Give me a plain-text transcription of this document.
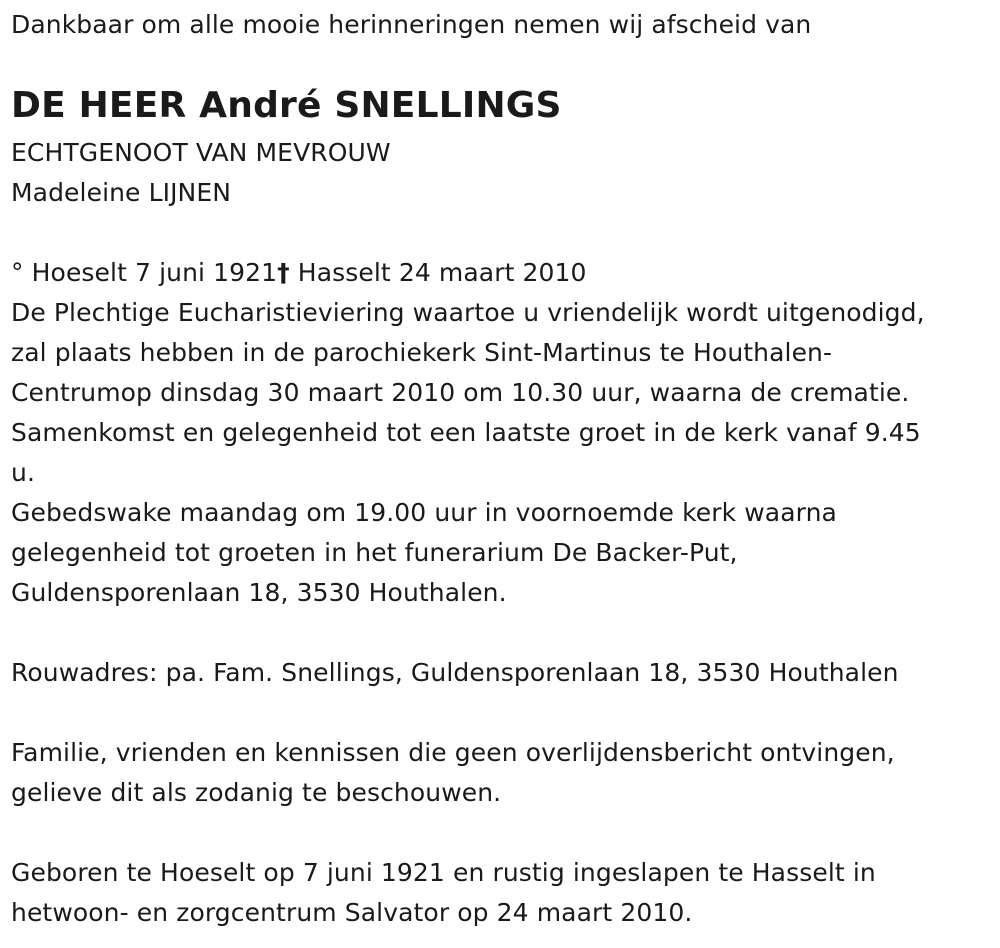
Dankbaar om alle mooie herinneringen nemen wij afscheid van
DE HEER André SNELLINGS
ECHTGENOOT VAN MEVROUW
Madeleine LIJNEN
° Hoeselt 7 juni 1921† Hasselt 24 maart 2010
De Plechtige Eucharistieviering waartoe u vriendelijk wordt uitgenodigd,
zal plaats hebben in de parochiekerk Sint-Martinus te Houthalen-
Centrumop dinsdag 30 maart 2010 om 10.30 uur, waarna de crematie.
Samenkomst en gelegenheid tot een laatste groet in de kerk vanaf 9.45
u.
Gebedswake maandag om 19.00 uur in voornoemde kerk waarna
gelegenheid tot groeten in het funerarium De Backer-Put,
Guldensporenlaan 18, 3530 Houthalen.
Rouwadres: pa. Fam. Snellings, Guldensporenlaan 18, 3530 Houthalen
Familie, vrienden en kennissen die geen overlijdensbericht ontvingen,
gelieve dit als zodanig te beschouwen.
Geboren te Hoeselt op 7 juni 1921 en rustig ingeslapen te Hasselt in
hetwoon- en zorgcentrum Salvator op 24 maart 2010.
